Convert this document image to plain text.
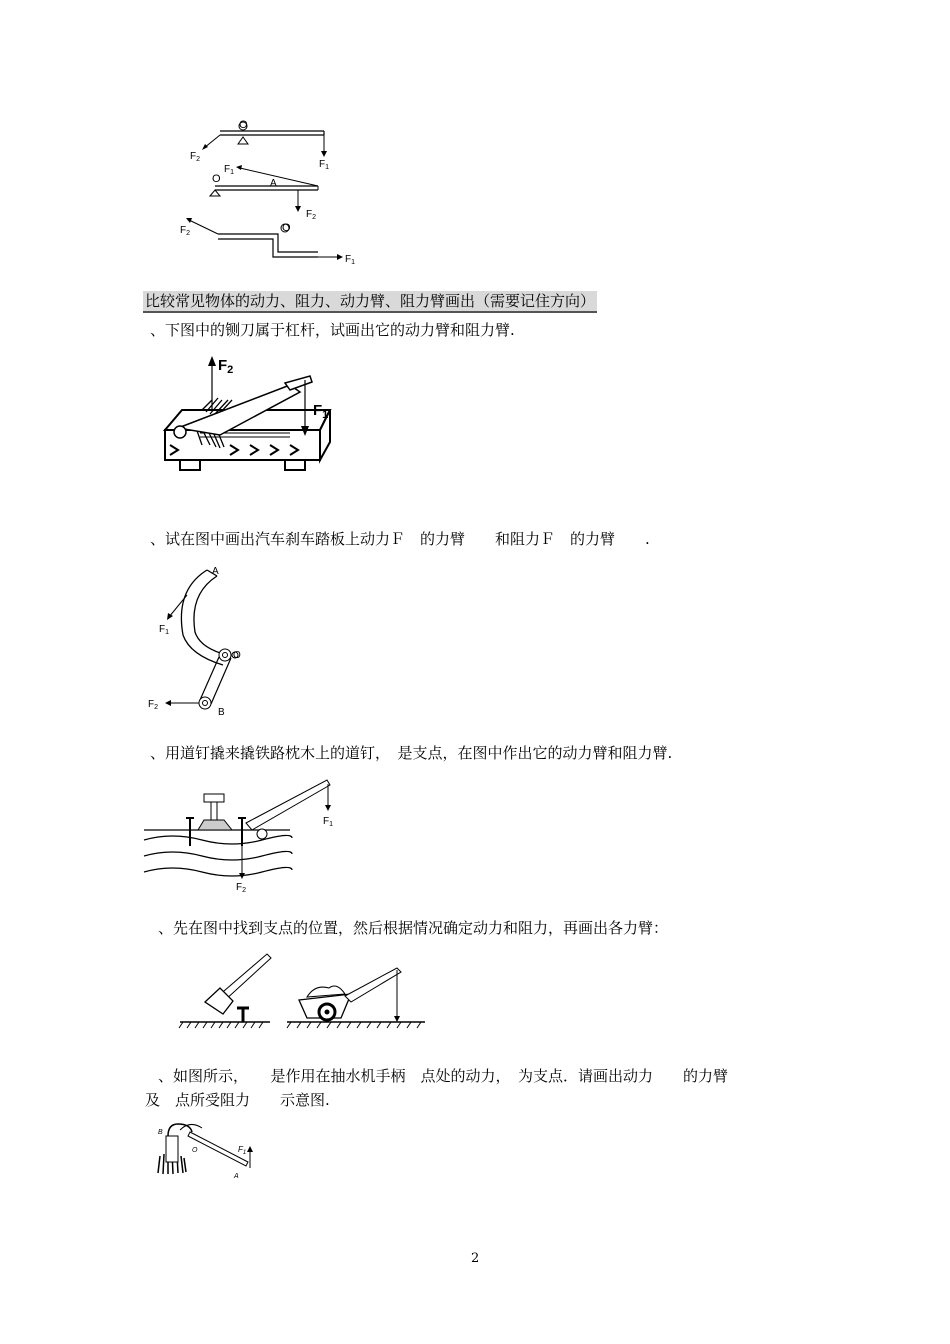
O
$F_2$	$F_1$
O	A
$F_1$
$F_2$
O
$F_2$
$F_1$
比较常见物体的动力、阻力、动力臂、阻力臂画出（需要记住方向）
、下图中的铡刀属于杠杆，试画出它的动力臂和阻力臂.
$F_2$
$F_1$
、试在图中画出汽车刹车踏板上动力Ｆ　的力臂　　和阻力Ｆ　的力臂　　.
A
O
B
$F_1$
$F_2$
、用道钉撬来撬铁路枕木上的道钉，　是支点，在图中作出它的动力臂和阻力臂.
$F_1$
$F_2$
、先在图中找到支点的位置，然后根据情况确定动力和阻力，再画出各力臂：
、如图所示，　　是作用在抽水机手柄　点处的动力，　为支点．请画出动力　　的力臂
及　点所受阻力　　示意图.
B
O
A
$F_1$
2
